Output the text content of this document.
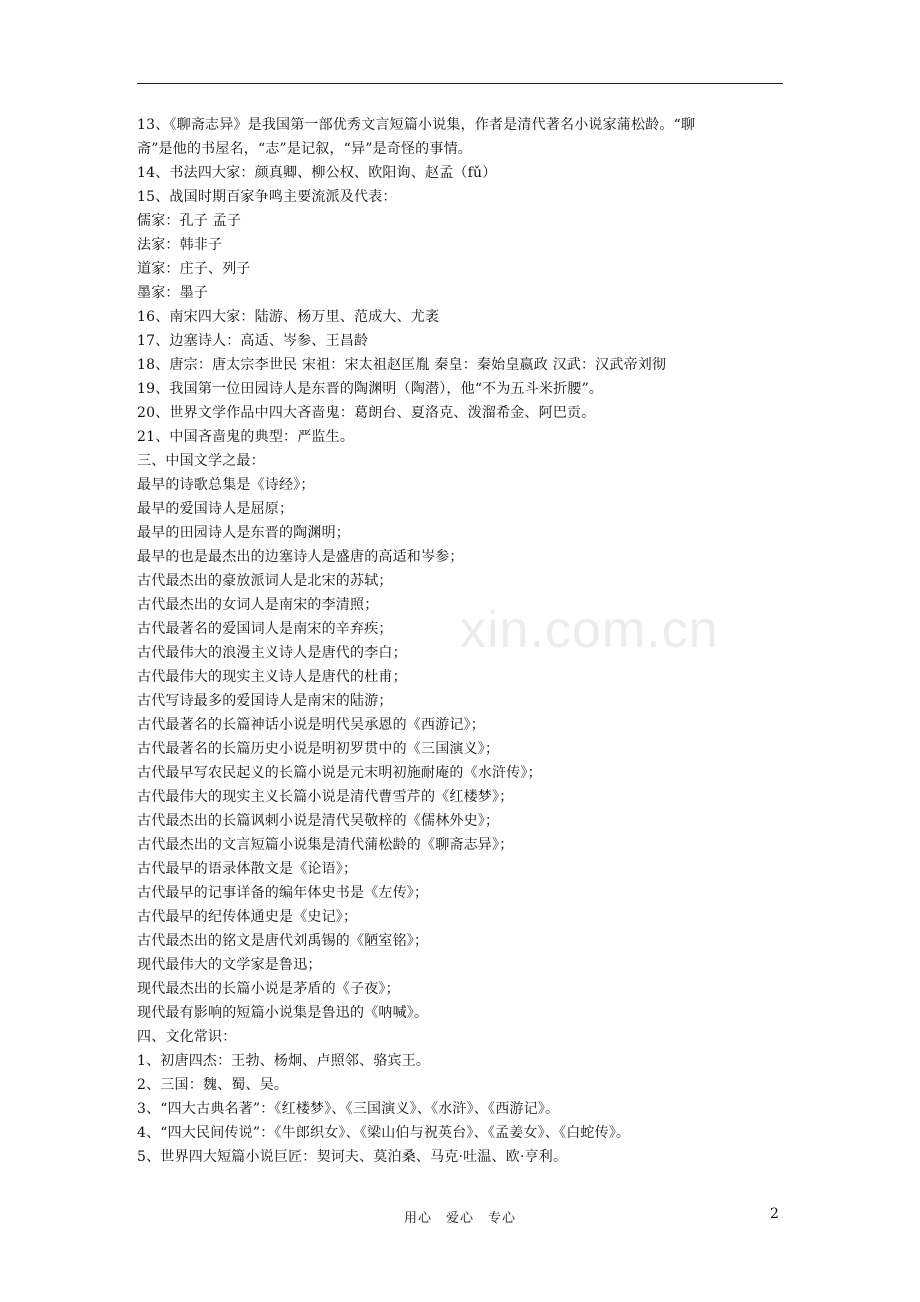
xin.com.cn
13、《聊斋志异》是我国第一部优秀文言短篇小说集，作者是清代著名小说家蒲松龄。“聊
斋”是他的书屋名，“志”是记叙，“异”是奇怪的事情。
14、书法四大家：颜真卿、柳公权、欧阳询、赵孟（fǔ）
15、战国时期百家争鸣主要流派及代表：
儒家：孔子 孟子
法家：韩非子
道家：庄子、列子
墨家：墨子
16、南宋四大家：陆游、杨万里、范成大、尤袤
17、边塞诗人：高适、岑参、王昌龄
18、唐宗：唐太宗李世民 宋祖：宋太祖赵匡胤 秦皇：秦始皇嬴政 汉武：汉武帝刘彻
19、我国第一位田园诗人是东晋的陶渊明（陶潜），他“不为五斗米折腰”。
20、世界文学作品中四大吝啬鬼：葛朗台、夏洛克、泼溜希金、阿巴贡。
21、中国吝啬鬼的典型：严监生。
三、中国文学之最：
最早的诗歌总集是《诗经》；
最早的爱国诗人是屈原；
最早的田园诗人是东晋的陶渊明；
最早的也是最杰出的边塞诗人是盛唐的高适和岑参；
古代最杰出的豪放派词人是北宋的苏轼；
古代最杰出的女词人是南宋的李清照；
古代最著名的爱国词人是南宋的辛弃疾；
古代最伟大的浪漫主义诗人是唐代的李白；
古代最伟大的现实主义诗人是唐代的杜甫；
古代写诗最多的爱国诗人是南宋的陆游；
古代最著名的长篇神话小说是明代吴承恩的《西游记》；
古代最著名的长篇历史小说是明初罗贯中的《三国演义》；
古代最早写农民起义的长篇小说是元末明初施耐庵的《水浒传》；
古代最伟大的现实主义长篇小说是清代曹雪芹的《红楼梦》；
古代最杰出的长篇讽刺小说是清代吴敬梓的《儒林外史》；
古代最杰出的文言短篇小说集是清代蒲松龄的《聊斋志异》；
古代最早的语录体散文是《论语》；
古代最早的记事详备的编年体史书是《左传》；
古代最早的纪传体通史是《史记》；
古代最杰出的铭文是唐代刘禹锡的《陋室铭》；
现代最伟大的文学家是鲁迅；
现代最杰出的长篇小说是茅盾的《子夜》；
现代最有影响的短篇小说集是鲁迅的《呐喊》。
四、文化常识：
1、初唐四杰：王勃、杨炯、卢照邻、骆宾王。
2、三国：魏、蜀、吴。
3、“四大古典名著”：《红楼梦》、《三国演义》、《水浒》、《西游记》。
4、“四大民间传说”：《牛郎织女》、《梁山伯与祝英台》、《孟姜女》、《白蛇传》。
5、世界四大短篇小说巨匠：契诃夫、莫泊桑、马克·吐温、欧·亨利。
用心　爱心　专心	2
